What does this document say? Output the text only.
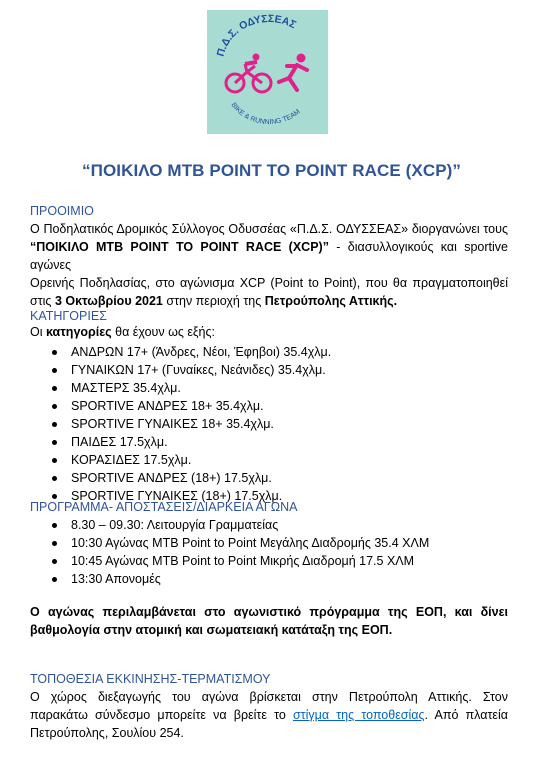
Π.Δ.Σ. ΟΔΥΣΣΕΑΣ
BIKE & RUNNING TEAM
“ΠΟΙΚΙΛΟ MTB POINT TO POINT RACE (XCP)”
ΠΡΟΟΙΜΙΟ
Ο Ποδηλατικός Δρομικός Σύλλογος Οδυσσέας «Π.Δ.Σ. ΟΔΥΣΣΕΑΣ» διοργανώνει τους
“ΠΟΙΚΙΛΟ MTB POINT TO POINT RACE (XCP)” - διασυλλογικούς και sportive αγώνες
Ορεινής Ποδηλασίας, στο αγώνισμα XCP (Point to Point), που θα πραγματοποιηθεί
στις 3 Οκτωβρίου 2021 στην περιοχή της Πετρούπολης Αττικής.
ΚΑΤΗΓΟΡΙΕΣ
Οι κατηγορίες θα έχουν ως εξής:
ΑΝΔΡΩΝ 17+ (Άνδρες, Νέοι, Έφηβοι) 35.4χλμ.
ΓΥΝΑΙΚΩΝ 17+ (Γυναίκες, Νεάνιδες) 35.4χλμ.
ΜΑΣΤΕΡΣ 35.4χλμ.
SPORTIVE ΑΝΔΡΕΣ 18+ 35.4χλμ.
SPORTIVE ΓΥΝΑΙΚΕΣ 18+ 35.4χλμ.
ΠΑΙΔΕΣ 17.5χλμ.
ΚΟΡΑΣΙΔΕΣ 17.5χλμ.
SPORTIVE ΑΝΔΡΕΣ (18+) 17.5χλμ.
SPORTIVE ΓΥΝΑΙΚΕΣ (18+) 17.5χλμ.
ΠΡΟΓΡΑΜΜΑ- ΑΠΟΣΤΑΣΕΙΣ/ΔΙΑΡΚΕΙΑ ΑΓΩΝΑ
8.30 – 09.30: Λειτουργία Γραμματείας
10:30 Αγώνας MTB Point to Point Μεγάλης Διαδρομής 35.4 ΧΛΜ
10:45 Αγώνας MTB Point to Point Μικρής Διαδρομή 17.5 ΧΛΜ
13:30 Απονομές
Ο αγώνας περιλαμβάνεται στο αγωνιστικό πρόγραμμα της ΕΟΠ, και δίνει
βαθμολογία στην ατομική και σωματειακή κατάταξη της ΕΟΠ.
ΤΟΠΟΘΕΣΙΑ ΕΚΚΙΝΗΣΗΣ-ΤΕΡΜΑΤΙΣΜΟΥ
Ο χώρος διεξαγωγής του αγώνα βρίσκεται στην Πετρούπολη Αττικής. Στον
παρακάτω σύνδεσμο μπορείτε να βρείτε το στίγμα της τοποθεσίας. Από πλατεία
Πετρούπολης, Σουλίου 254.
